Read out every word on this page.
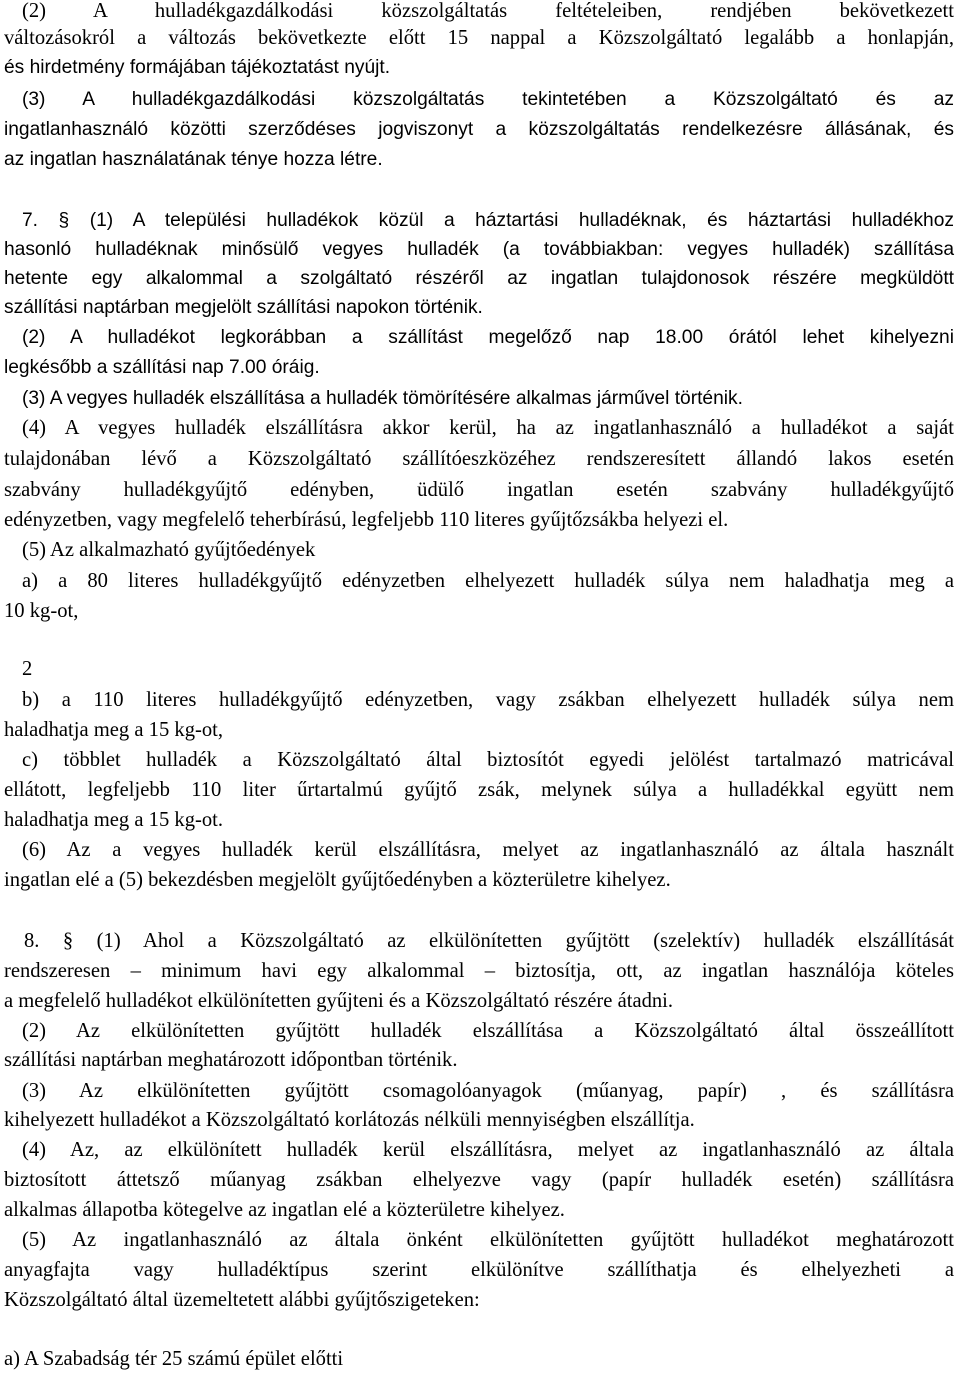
(2) A hulladékgazdálkodási közszolgáltatás feltételeiben, rendjében bekövetkezett
változásokról a változás bekövetkezte előtt 15 nappal a Közszolgáltató legalább a honlapján,
és hirdetmény formájában tájékoztatást nyújt.
(3) A hulladékgazdálkodási közszolgáltatás tekintetében a Közszolgáltató és az
ingatlanhasználó közötti szerződéses jogviszonyt a közszolgáltatás rendelkezésre állásának, és
az ingatlan használatának ténye hozza létre.
7. § (1) A települési hulladékok közül a háztartási hulladéknak, és háztartási hulladékhoz
hasonló hulladéknak minősülő vegyes hulladék (a továbbiakban: vegyes hulladék) szállítása
hetente egy alkalommal a szolgáltató részéről az ingatlan tulajdonosok részére megküldött
szállítási naptárban megjelölt szállítási napokon történik.
(2) A hulladékot legkorábban a szállítást megelőző nap 18.00 órától lehet kihelyezni
legkésőbb a szállítási nap 7.00 óráig.
(3) A vegyes hulladék elszállítása a hulladék tömörítésére alkalmas járművel történik.
(4) A vegyes hulladék elszállításra akkor kerül, ha az ingatlanhasználó a hulladékot a saját
tulajdonában lévő a Közszolgáltató szállítóeszközéhez rendszeresített állandó lakos esetén
szabvány hulladékgyűjtő edényben, üdülő ingatlan esetén szabvány hulladékgyűjtő
edényzetben, vagy megfelelő teherbírású, legfeljebb 110 literes gyűjtőzsákba helyezi el.
(5) Az alkalmazható gyűjtőedények
a) a 80 literes hulladékgyűjtő edényzetben elhelyezett hulladék súlya nem haladhatja meg a
10 kg-ot,
2
b) a 110 literes hulladékgyűjtő edényzetben, vagy zsákban elhelyezett hulladék súlya nem
haladhatja meg a 15 kg-ot,
c) többlet hulladék a Közszolgáltató által biztosítót egyedi jelölést tartalmazó matricával
ellátott, legfeljebb 110 liter űrtartalmú gyűjtő zsák, melynek súlya a hulladékkal együtt nem
haladhatja meg a 15 kg-ot.
(6) Az a vegyes hulladék kerül elszállításra, melyet az ingatlanhasználó az általa használt
ingatlan elé a (5) bekezdésben megjelölt gyűjtőedényben a közterületre kihelyez.
8. § (1) Ahol a Közszolgáltató az elkülönítetten gyűjtött (szelektív) hulladék elszállítását
rendszeresen – minimum havi egy alkalommal – biztosítja, ott, az ingatlan használója köteles
a megfelelő hulladékot elkülönítetten gyűjteni és a Közszolgáltató részére átadni.
(2) Az elkülönítetten gyűjtött hulladék elszállítása a Közszolgáltató által összeállított
szállítási naptárban meghatározott időpontban történik.
(3) Az elkülönítetten gyűjtött csomagolóanyagok (műanyag, papír) , és szállításra
kihelyezett hulladékot a Közszolgáltató korlátozás nélküli mennyiségben elszállítja.
(4) Az, az elkülönített hulladék kerül elszállításra, melyet az ingatlanhasználó az általa
biztosított áttetsző műanyag zsákban elhelyezve vagy (papír hulladék esetén) szállításra
alkalmas állapotba kötegelve az ingatlan elé a közterületre kihelyez.
(5) Az ingatlanhasználó az általa önként elkülönítetten gyűjtött hulladékot meghatározott
anyagfajta vagy hulladéktípus szerint elkülönítve szállíthatja és elhelyezheti a
Közszolgáltató által üzemeltetett alábbi gyűjtőszigeteken:
a) A Szabadság tér 25 számú épület előtti
